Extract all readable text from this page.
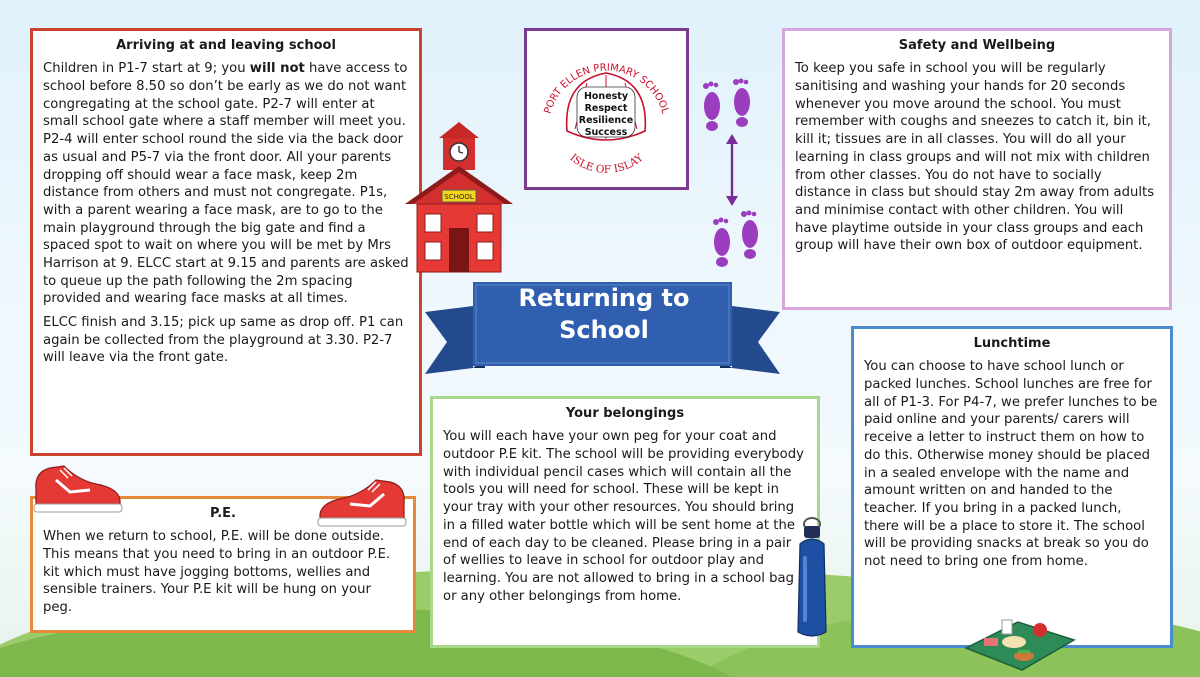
Arriving at and leaving school

Children in P1-7 start at 9; you will not have access to school before 8.50 so don’t be early as we do not want congregating at the school gate. P2-7 will enter at small school gate where a staff member will meet you. P2-4 will enter school round the side via the back door as usual and P5-7 via the front door. All your parents dropping off should wear a face mask, keep 2m distance from others and must not congregate. P1s, with a parent wearing a face mask, are to go to the main playground through the big gate and find a spaced spot to wait on where you will be met by Mrs Harrison at 9. ELCC start at 9.15 and parents are asked to queue up the path following the 2m spacing provided and wearing face masks at all times.

ELCC finish and 3.15; pick up same as drop off. P1 can again be collected from the playground at 3.30. P2-7 will leave via the front gate.

PORT ELLEN PRIMARY SCHOOL
ISLE OF ISLAY
Honesty
Respect
Resilience
Success
SCHOOL
Returning to
School
Safety and Wellbeing

To keep you safe in school you will be regularly sanitising and washing your hands for 20 seconds whenever you move around the school. You must remember with coughs and sneezes to catch it, bin it, kill it; tissues are in all classes. You will do all your learning in class groups and will not mix with children from other classes. You do not have to socially distance in class but should stay 2m away from adults and minimise contact with other children. You will have playtime outside in your class groups and each group will have their own box of outdoor equipment.

Lunchtime

You can choose to have school lunch or packed lunches. School lunches are free for all of P1-3. For P4-7, we prefer lunches to be paid online and your parents/ carers will receive a letter to instruct them on how to do this. Otherwise money should be placed in a sealed envelope with the name and amount written on and handed to the teacher. If you bring in a packed lunch, there will be a place to store it. The school will be providing snacks at break so you do not need to bring one from home.

Your belongings

You will each have your own peg for your coat and outdoor P.E kit. The school will be providing everybody with individual pencil cases which will contain all the tools you will need for school. These will be kept in your tray with your other resources. You should bring in a filled water bottle which will be sent home at the end of each day to be cleaned. Please bring in a pair of wellies to leave in school for outdoor play and learning. You are not allowed to bring in a school bag or any other belongings from home.

P.E.

When we return to school, P.E. will be done outside. This means that you need to bring in an outdoor P.E. kit which must have jogging bottoms, wellies and sensible trainers. Your P.E kit will be hung on your peg.
